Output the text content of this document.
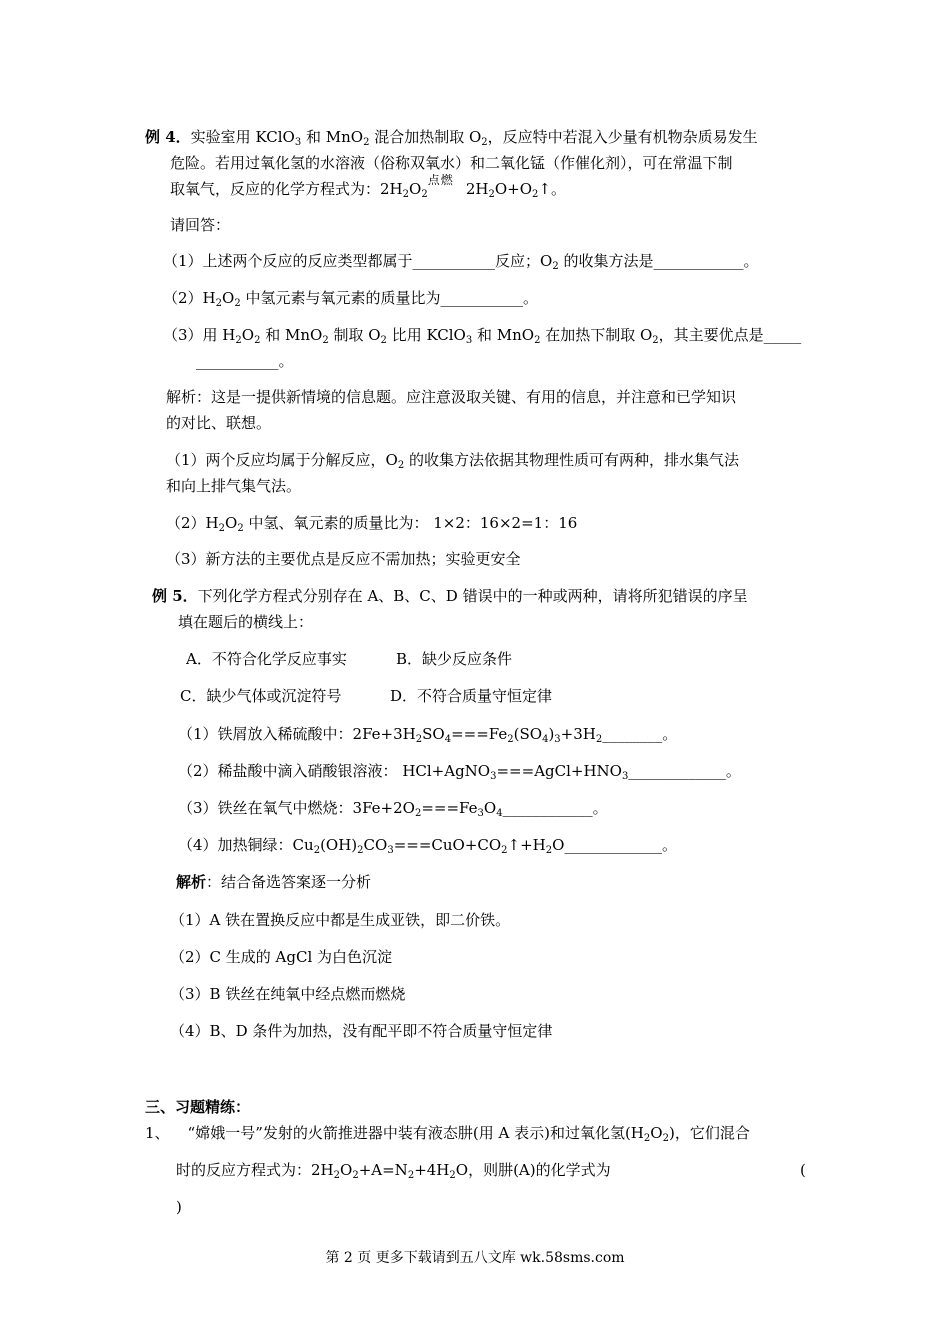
例 4．实验室用 KClO$_3$ 和 MnO$_2$ 混合加热制取 $O_2$，反应特中若混入少量有机物杂质易发生
危险。若用过氧化氢的水溶液（俗称双氧水）和二氧化锰（作催化剂），可在常温下制
取氧气，反应的化学方程式为：$2H_2O_2$
点燃 $2H_2O+O_2↑$。
请回答：
（1）上述两个反应的反应类型都属于___________反应；$O_2$ 的收集方法是____________。
$(2)H_2O_2$ 中氢元素与氧元素的质量比为___________。
（3）用 $H_2O_2$ 和 MnO$_2$ 制取 $O_2$ 比用 KClO$_3$ 和 MnO$_2$ 在加热下制取 $O_2$，其主要优点是_____
___________。
解析：这是一提供新情境的信息题。应注意汲取关键、有用的信息，并注意和已学知识
的对比、联想。
（1）两个反应均属于分解反应，$O_2$ 的收集方法依据其物理性质可有两种，排水集气法
和向上排气集气法。
$(2)H_2O_2$ 中氢、氧元素的质量比为： 1×2：16×2=1：16
（3）新方法的主要优点是反应不需加热；实验更安全
例 5．下列化学方程式分别存在 A、B、C、D 错误中的一种或两种，请将所犯错误的序呈
填在题后的横线上：
A．不符合化学反应事实	B．缺少反应条件
C．缺少气体或沉淀符号	D．不符合质量守恒定律
（1）铁屑放入稀硫酸中：$2Fe+3H_2SO_4===Fe_2(SO_4)_3+3H_2\_\_\_\_\_\_\_\_$。
（2）稀盐酸中滴入硝酸银溶液： $HCl+AgNO_3===AgCl+HNO_3\_\_\_\_\_\_\_\_\_\_\_\_\_$。
（3）铁丝在氧气中燃烧：$3Fe+2O_2===Fe_3O_4\_\_\_\_\_\_\_\_\_\_\_\_$。
（4）加热铜绿：$Cu_2(OH)_2CO_3===CuO+CO_2↑+H_2O\_\_\_\_\_\_\_\_\_\_\_\_\_$。
解析：结合备选答案逐一分析
（1）A 铁在置换反应中都是生成亚铁，即二价铁。
（2）C 生成的 AgCl 为白色沉淀
（3）B 铁丝在纯氧中经点燃而燃烧
（4）B、D 条件为加热，没有配平即不符合质量守恒定律
三、习题精练：
1、 “嫦娥一号”发射的火箭推进器中装有液态肼(用 A 表示)和过氧化氢$(H_2O_2)$，它们混合
时的反应方程式为：$2H_2O_2+A=N_2+4H_2O$，则肼(A)的化学式为	(
)
第 2 页 更多下载请到五八文库 wk.58sms.com
